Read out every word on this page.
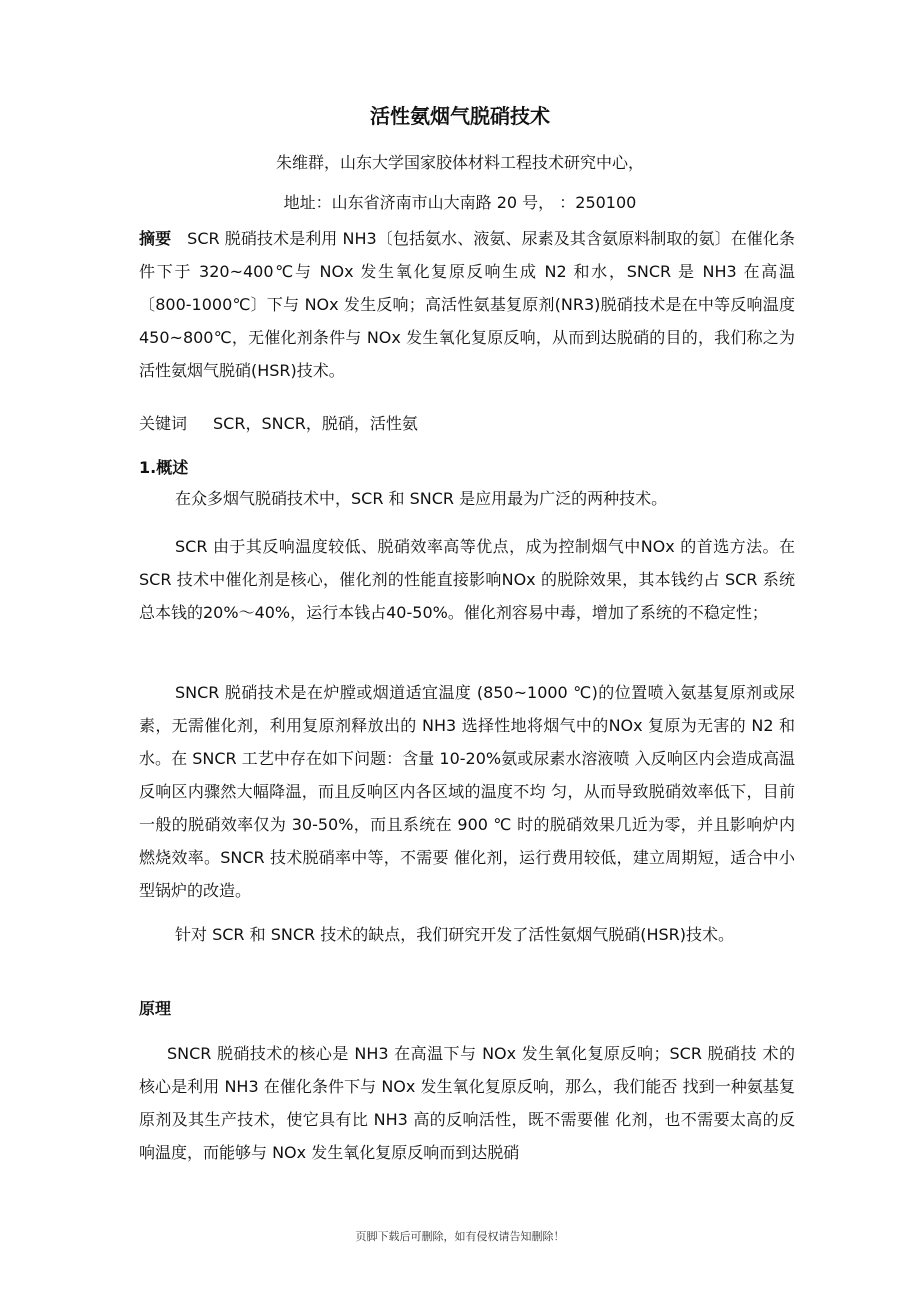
活性氨烟气脱硝技术
朱维群，山东大学国家胶体材料工程技术研究中心，
地址：山东省济南市山大南路 20 号， ：250100
摘要 SCR 脱硝技术是利用 NH3〔包括氨水、液氨、尿素及其含氨原料制取的氨〕在催化条件下于 320~400℃与 NOx 发生氧化复原反响生成 N2 和水，SNCR 是 NH3 在高温〔800-1000℃〕下与 NOx 发生反响；高活性氨基复原剂(NR3)脱硝技术是在中等反响温度 450~800℃，无催化剂条件与 NOx 发生氧化复原反响，从而到达脱硝的目的，我们称之为活性氨烟气脱硝(HSR)技术。
关键词 SCR，SNCR，脱硝，活性氨
1.概述

在众多烟气脱硝技术中，SCR 和 SNCR 是应用最为广泛的两种技术。

SCR 由于其反响温度较低、脱硝效率高等优点，成为控制烟气中NOx 的首选方法。在 SCR 技术中催化剂是核心，催化剂的性能直接影响NOx 的脱除效果，其本钱约占 SCR 系统总本钱的20%～40%，运行本钱占40-50%。催化剂容易中毒，增加了系统的不稳定性；

SNCR 脱硝技术是在炉膛或烟道适宜温度 (850~1000 ℃)的位置喷入氨基复原剂或尿素，无需催化剂，利用复原剂释放出的 NH3 选择性地将烟气中的NOx 复原为无害的 N2 和水。在 SNCR 工艺中存在如下问题：含量 10-20%氨或尿素水溶液喷 入反响区内会造成高温反响区内骤然大幅降温，而且反响区内各区域的温度不均 匀，从而导致脱硝效率低下，目前一般的脱硝效率仅为 30-50%，而且系统在 900 ℃ 时的脱硝效果几近为零，并且影响炉内燃烧效率。SNCR 技术脱硝率中等，不需要 催化剂，运行费用较低，建立周期短，适合中小型锅炉的改造。

针对 SCR 和 SNCR 技术的缺点，我们研究开发了活性氨烟气脱硝(HSR)技术。

原理

SNCR 脱硝技术的核心是 NH3 在高温下与 NOx 发生氧化复原反响；SCR 脱硝技 术的核心是利用 NH3 在催化条件下与 NOx 发生氧化复原反响，那么，我们能否 找到一种氨基复原剂及其生产技术，使它具有比 NH3 高的反响活性，既不需要催 化剂，也不需要太高的反响温度，而能够与 NOx 发生氧化复原反响而到达脱硝

页脚下载后可删除，如有侵权请告知删除！
